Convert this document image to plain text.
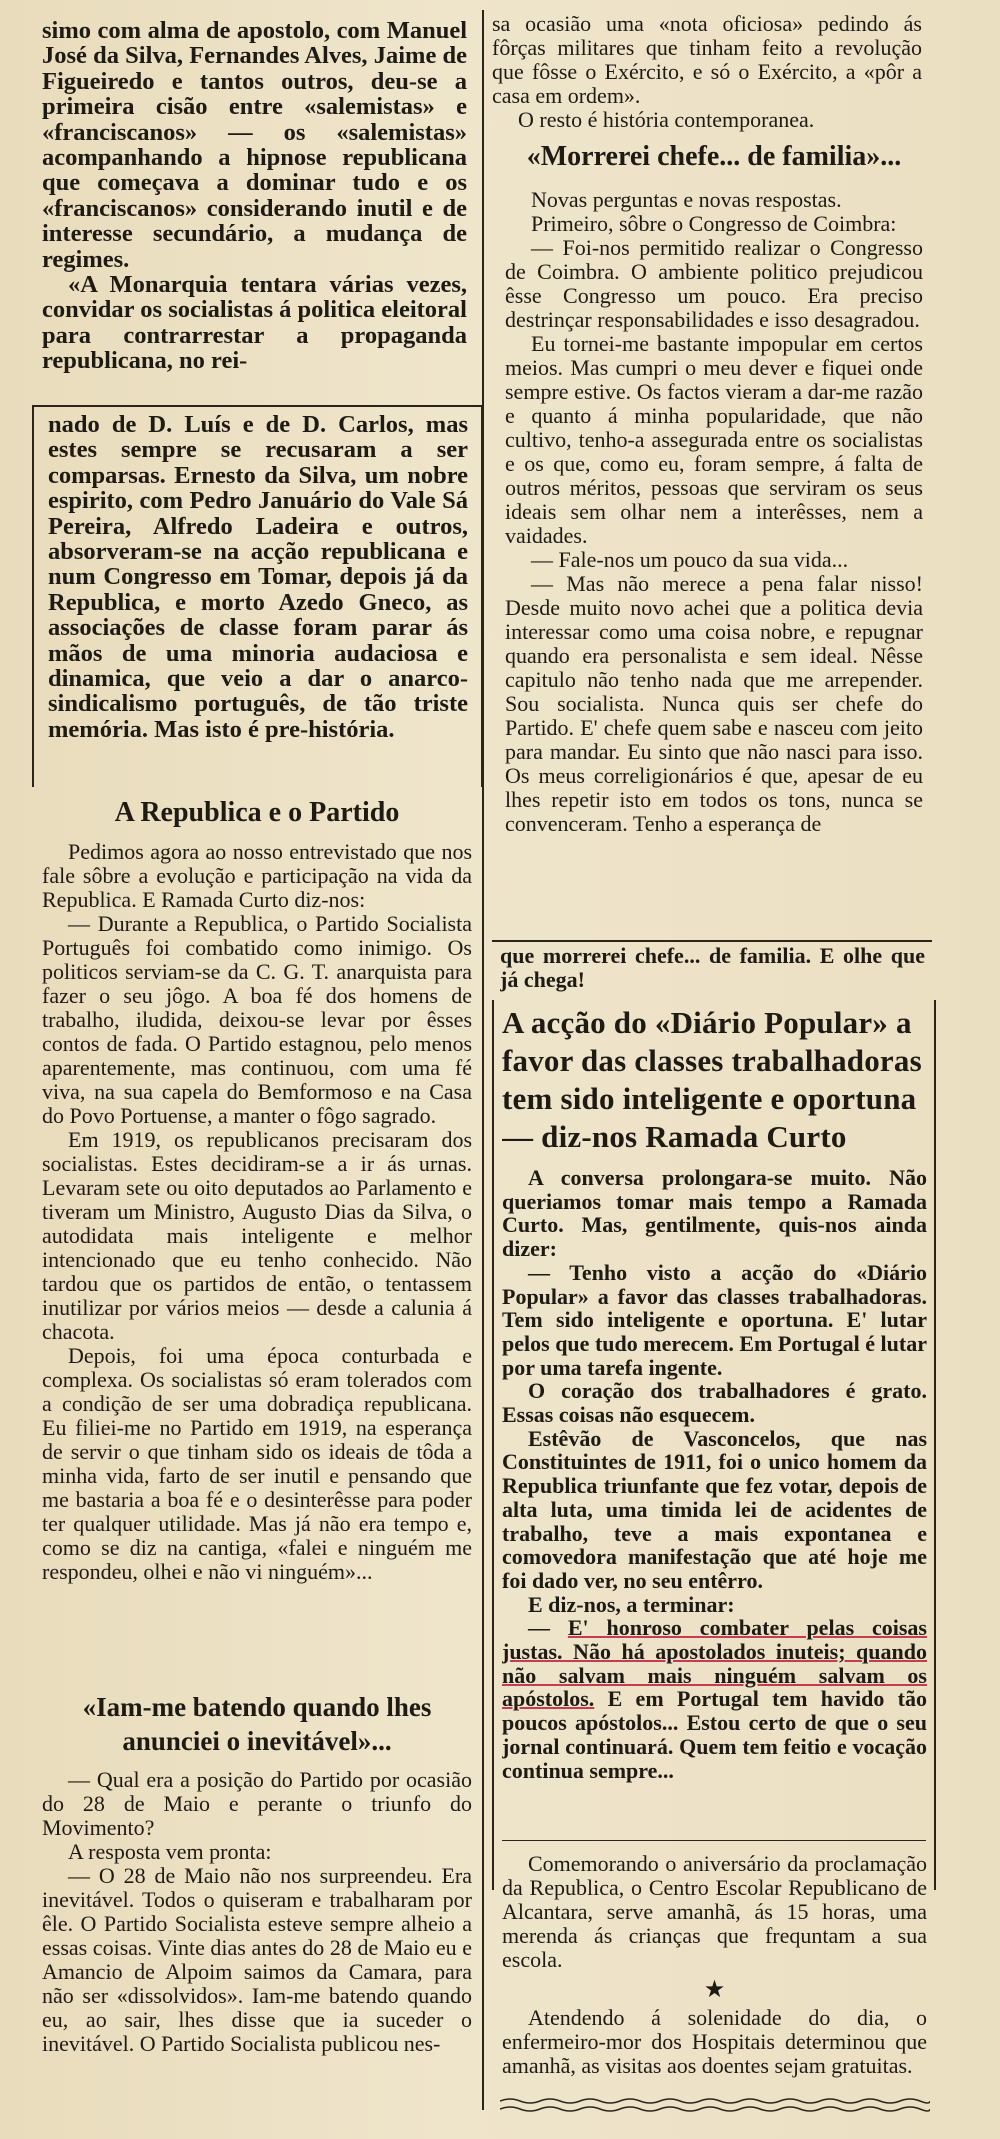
simo com alma de apostolo, com Manuel José da Silva, Fernandes Alves, Jaime de Figueiredo e tantos outros, deu-se a primeira cisão entre «salemistas» e «franciscanos» — os «salemistas» acompanhando a hipnose republicana que começava a dominar tudo e os «franciscanos» considerando inutil e de interesse secundário, a mudança de regimes.

«A Monarquia tentara várias vezes, convidar os socialistas á politica eleitoral para contrarrestar a propaganda republicana, no rei-

nado de D. Luís e de D. Carlos, mas estes sempre se recusaram a ser comparsas. Ernesto da Silva, um nobre espirito, com Pedro Januário do Vale Sá Pereira, Alfredo Ladeira e outros, absorveram-se na acção republicana e num Congresso em Tomar, depois já da Republica, e morto Azedo Gneco, as associações de classe foram parar ás mãos de uma minoria audaciosa e dinamica, que veio a dar o anarco-sindicalismo português, de tão triste memória. Mas isto é pre-história.

A Republica e o Partido

Pedimos agora ao nosso entrevistado que nos fale sôbre a evolução e participação na vida da Republica. E Ramada Curto diz-nos:

— Durante a Republica, o Partido Socialista Português foi combatido como inimigo. Os politicos serviam-se da C. G. T. anarquista para fazer o seu jôgo. A boa fé dos homens de trabalho, iludida, deixou-se levar por êsses contos de fada. O Partido estagnou, pelo menos aparentemente, mas continuou, com uma fé viva, na sua capela do Bemformoso e na Casa do Povo Portuense, a manter o fôgo sagrado.

Em 1919, os republicanos precisaram dos socialistas. Estes decidiram-se a ir ás urnas. Levaram sete ou oito deputados ao Parlamento e tiveram um Ministro, Augusto Dias da Silva, o autodidata mais inteligente e melhor intencionado que eu tenho conhecido. Não tardou que os partidos de então, o tentassem inutilizar por vários meios — desde a calunia á chacota.

Depois, foi uma época conturbada e complexa. Os socialistas só eram tolerados com a condição de ser uma dobradiça republicana. Eu filiei-me no Partido em 1919, na esperança de servir o que tinham sido os ideais de tôda a minha vida, farto de ser inutil e pensando que me bastaria a boa fé e o desinterêsse para poder ter qualquer utilidade. Mas já não era tempo e, como se diz na cantiga, «falei e ninguém me respondeu, olhei e não vi ninguém»...

«Iam-me batendo quando lhes anunciei o inevitável»...

— Qual era a posição do Partido por ocasião do 28 de Maio e perante o triunfo do Movimento?

A resposta vem pronta:

— O 28 de Maio não nos surpreendeu. Era inevitável. Todos o quiseram e trabalharam por êle. O Partido Socialista esteve sempre alheio a essas coisas. Vinte dias antes do 28 de Maio eu e Amancio de Alpoim saimos da Camara, para não ser «dissolvidos». Iam-me batendo quando eu, ao sair, lhes disse que ia suceder o inevitável. O Partido Socialista publicou nes-

sa ocasião uma «nota oficiosa» pedindo ás fôrças militares que tinham feito a revolução que fôsse o Exército, e só o Exército, a «pôr a casa em ordem».

O resto é história contemporanea.

«Morrerei chefe... de familia»...

Novas perguntas e novas respostas.

Primeiro, sôbre o Congresso de Coimbra:

— Foi-nos permitido realizar o Congresso de Coimbra. O ambiente politico prejudicou êsse Congresso um pouco. Era preciso destrinçar responsabilidades e isso desagradou.

Eu tornei-me bastante impopular em certos meios. Mas cumpri o meu dever e fiquei onde sempre estive. Os factos vieram a dar-me razão e quanto á minha popularidade, que não cultivo, tenho-a assegurada entre os socialistas e os que, como eu, foram sempre, á falta de outros méritos, pessoas que serviram os seus ideais sem olhar nem a interêsses, nem a vaidades.

— Fale-nos um pouco da sua vida...

— Mas não merece a pena falar nisso! Desde muito novo achei que a politica devia interessar como uma coisa nobre, e repugnar quando era personalista e sem ideal. Nêsse capitulo não tenho nada que me arrepender. Sou socialista. Nunca quis ser chefe do Partido. E' chefe quem sabe e nasceu com jeito para mandar. Eu sinto que não nasci para isso. Os meus correligionários é que, apesar de eu lhes repetir isto em todos os tons, nunca se convenceram. Tenho a esperança de

que morrerei chefe... de familia. E olhe que já chega!

A acção do «Diário Popular» a favor das classes trabalhadoras tem sido inteligente e oportuna — diz-nos Ramada Curto

A conversa prolongara-se muito. Não queriamos tomar mais tempo a Ramada Curto. Mas, gentilmente, quis-nos ainda dizer:

— Tenho visto a acção do «Diário Popular» a favor das classes trabalhadoras. Tem sido inteligente e oportuna. E' lutar pelos que tudo merecem. Em Portugal é lutar por uma tarefa ingente.

O coração dos trabalhadores é grato. Essas coisas não esquecem.

Estêvão de Vasconcelos, que nas Constituintes de 1911, foi o unico homem da Republica triunfante que fez votar, depois de alta luta, uma timida lei de acidentes de trabalho, teve a mais expontanea e comovedora manifestação que até hoje me foi dado ver, no seu entêrro.

E diz-nos, a terminar:

— E' honroso combater pelas coisas justas. Não há apostolados inuteis; quando não salvam mais ninguém salvam os apóstolos. E em Portugal tem havido tão poucos apóstolos... Estou certo de que o seu jornal continuará. Quem tem feitio e vocação continua sempre...

Comemorando o aniversário da proclamação da Republica, o Centro Escolar Republicano de Alcantara, serve amanhã, ás 15 horas, uma merenda ás crianças que frequntam a sua escola.

★

Atendendo á solenidade do dia, o enfermeiro-mor dos Hospitais determinou que amanhã, as visitas aos doentes sejam gratuitas.
